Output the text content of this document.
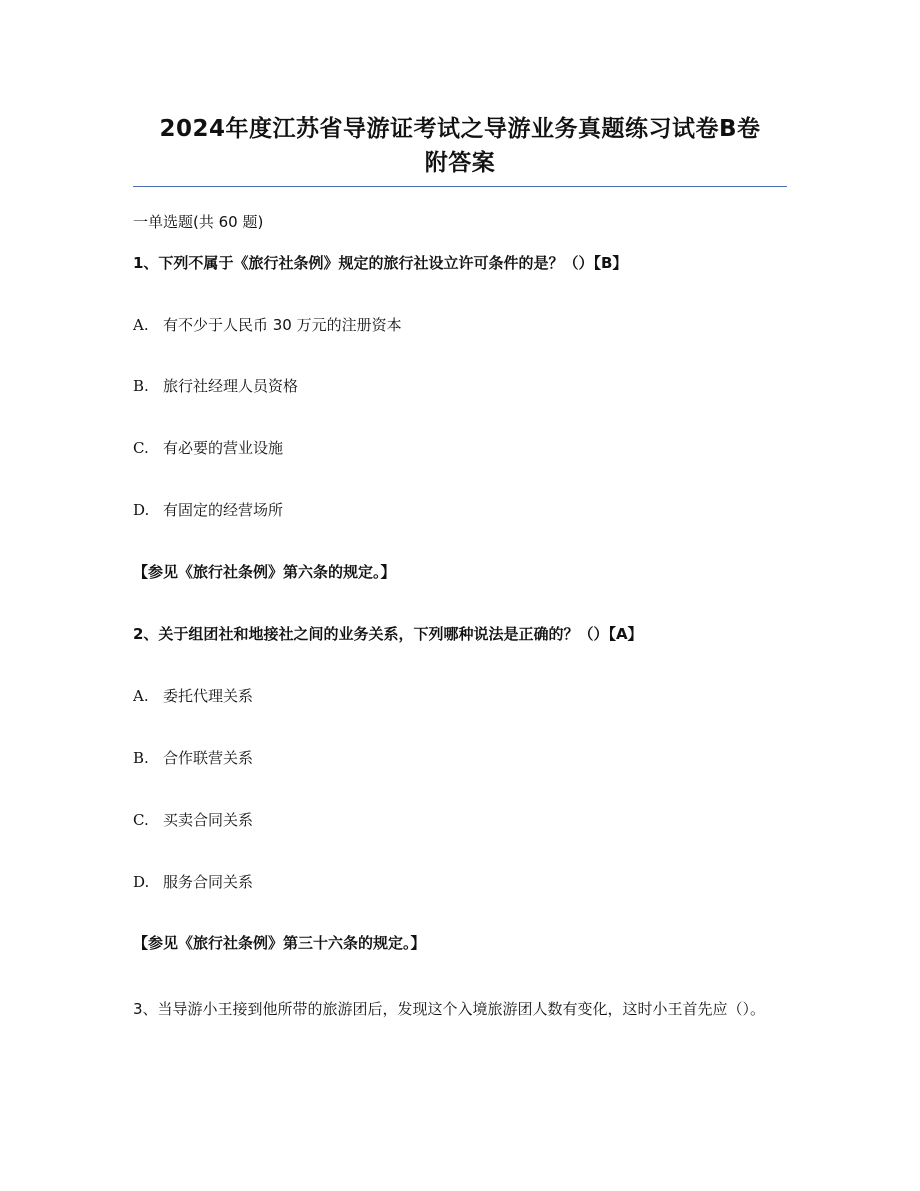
2024年度江苏省导游证考试之导游业务真题练习试卷B卷
附答案
一单选题(共 60 题)
1、下列不属于《旅行社条例》规定的旅行社设立许可条件的是？（）【B】
A. 有不少于人民币 30 万元的注册资本
B. 旅行社经理人员资格
C. 有必要的营业设施
D. 有固定的经营场所
【参见《旅行社条例》第六条的规定。】
2、关于组团社和地接社之间的业务关系，下列哪种说法是正确的？（）【A】
A. 委托代理关系
B. 合作联营关系
C. 买卖合同关系
D. 服务合同关系
【参见《旅行社条例》第三十六条的规定。】
3、当导游小王接到他所带的旅游团后，发现这个入境旅游团人数有变化，这时小王首先应（）。
